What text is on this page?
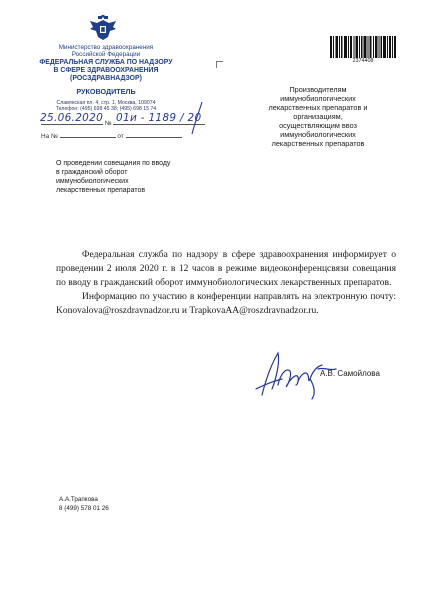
Министерство здравоохранения
Российской Федерации
ФЕДЕРАЛЬНАЯ СЛУЖБА ПО НАДЗОРУ
В СФЕРЕ ЗДРАВООХРАНЕНИЯ
(РОСЗДРАВНАДЗОР)
РУКОВОДИТЕЛЬ
Славянская пл. 4, стр. 1, Москва, 109074
Телефон: (495) 698 45 38; (495) 698 15 74
№
25.06.2020 01и - 1189 / 20
На №	от
2374408
Производителям
иммунобиологических
лекарственных препаратов и
организациям,
осуществляющим ввоз
иммунобиологических
лекарственных препаратов
О проведении совещания по вводу
в гражданский оборот
иммунобиологических
лекарственных препаратов
Федеральная служба по надзору в сфере здравоохранения информирует о
проведении 2 июля 2020 г. в 12 часов в режиме видеоконференцсвязи совещания
по вводу в гражданский оборот иммунобиологических лекарственных препаратов.
Информацию по участию в конференции направлять на электронную почту:
Konovalova@roszdravnadzor.ru и TrapkovaAA@roszdravnadzor.ru.
А.В. Самойлова
А.А.Трапкова
8 (499) 578 01 26
